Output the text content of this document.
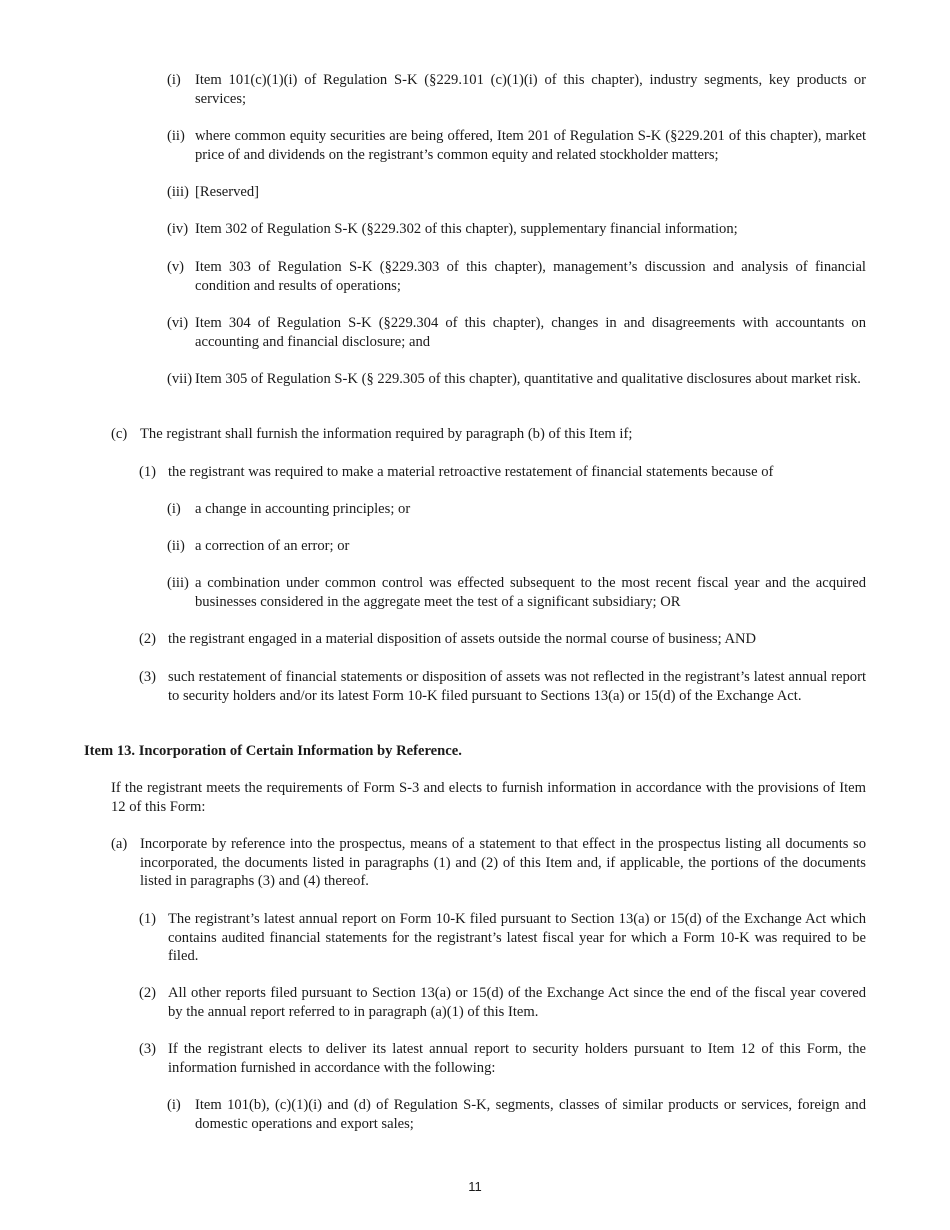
(i) Item 101(c)(1)(i) of Regulation S-K (§229.101 (c)(1)(i) of this chapter), industry segments, key products or services;
(ii) where common equity securities are being offered, Item 201 of Regulation S-K (§229.201 of this chapter), market price of and dividends on the registrant’s common equity and related stockholder matters;
(iii) [Reserved]
(iv) Item 302 of Regulation S-K (§229.302 of this chapter), supplementary financial information;
(v) Item 303 of Regulation S-K (§229.303 of this chapter), management’s discussion and analysis of financial condition and results of operations;
(vi) Item 304 of Regulation S-K (§229.304 of this chapter), changes in and disagreements with accountants on accounting and financial disclosure; and
(vii) Item 305 of Regulation S-K (§ 229.305 of this chapter), quantitative and qualitative disclosures about market risk.
(c) The registrant shall furnish the information required by paragraph (b) of this Item if;
(1) the registrant was required to make a material retroactive restatement of financial statements because of
(i) a change in accounting principles; or
(ii) a correction of an error; or
(iii) a combination under common control was effected subsequent to the most recent fiscal year and the acquired businesses considered in the aggregate meet the test of a significant subsidiary; OR
(2) the registrant engaged in a material disposition of assets outside the normal course of business; AND
(3) such restatement of financial statements or disposition of assets was not reflected in the registrant’s latest annual report to security holders and/or its latest Form 10-K filed pursuant to Sections 13(a) or 15(d) of the Exchange Act.
Item 13. Incorporation of Certain Information by Reference.
If the registrant meets the requirements of Form S-3 and elects to furnish information in accordance with the provisions of Item 12 of this Form:
(a) Incorporate by reference into the prospectus, means of a statement to that effect in the prospectus listing all documents so incorporated, the documents listed in paragraphs (1) and (2) of this Item and, if applicable, the portions of the documents listed in paragraphs (3) and (4) thereof.
(1) The registrant’s latest annual report on Form 10-K filed pursuant to Section 13(a) or 15(d) of the Exchange Act which contains audited financial statements for the registrant’s latest fiscal year for which a Form 10-K was required to be filed.
(2) All other reports filed pursuant to Section 13(a) or 15(d) of the Exchange Act since the end of the fiscal year covered by the annual report referred to in paragraph (a)(1) of this Item.
(3) If the registrant elects to deliver its latest annual report to security holders pursuant to Item 12 of this Form, the information furnished in accordance with the following:
(i) Item 101(b), (c)(1)(i) and (d) of Regulation S-K, segments, classes of similar products or services, foreign and domestic operations and export sales;
11
